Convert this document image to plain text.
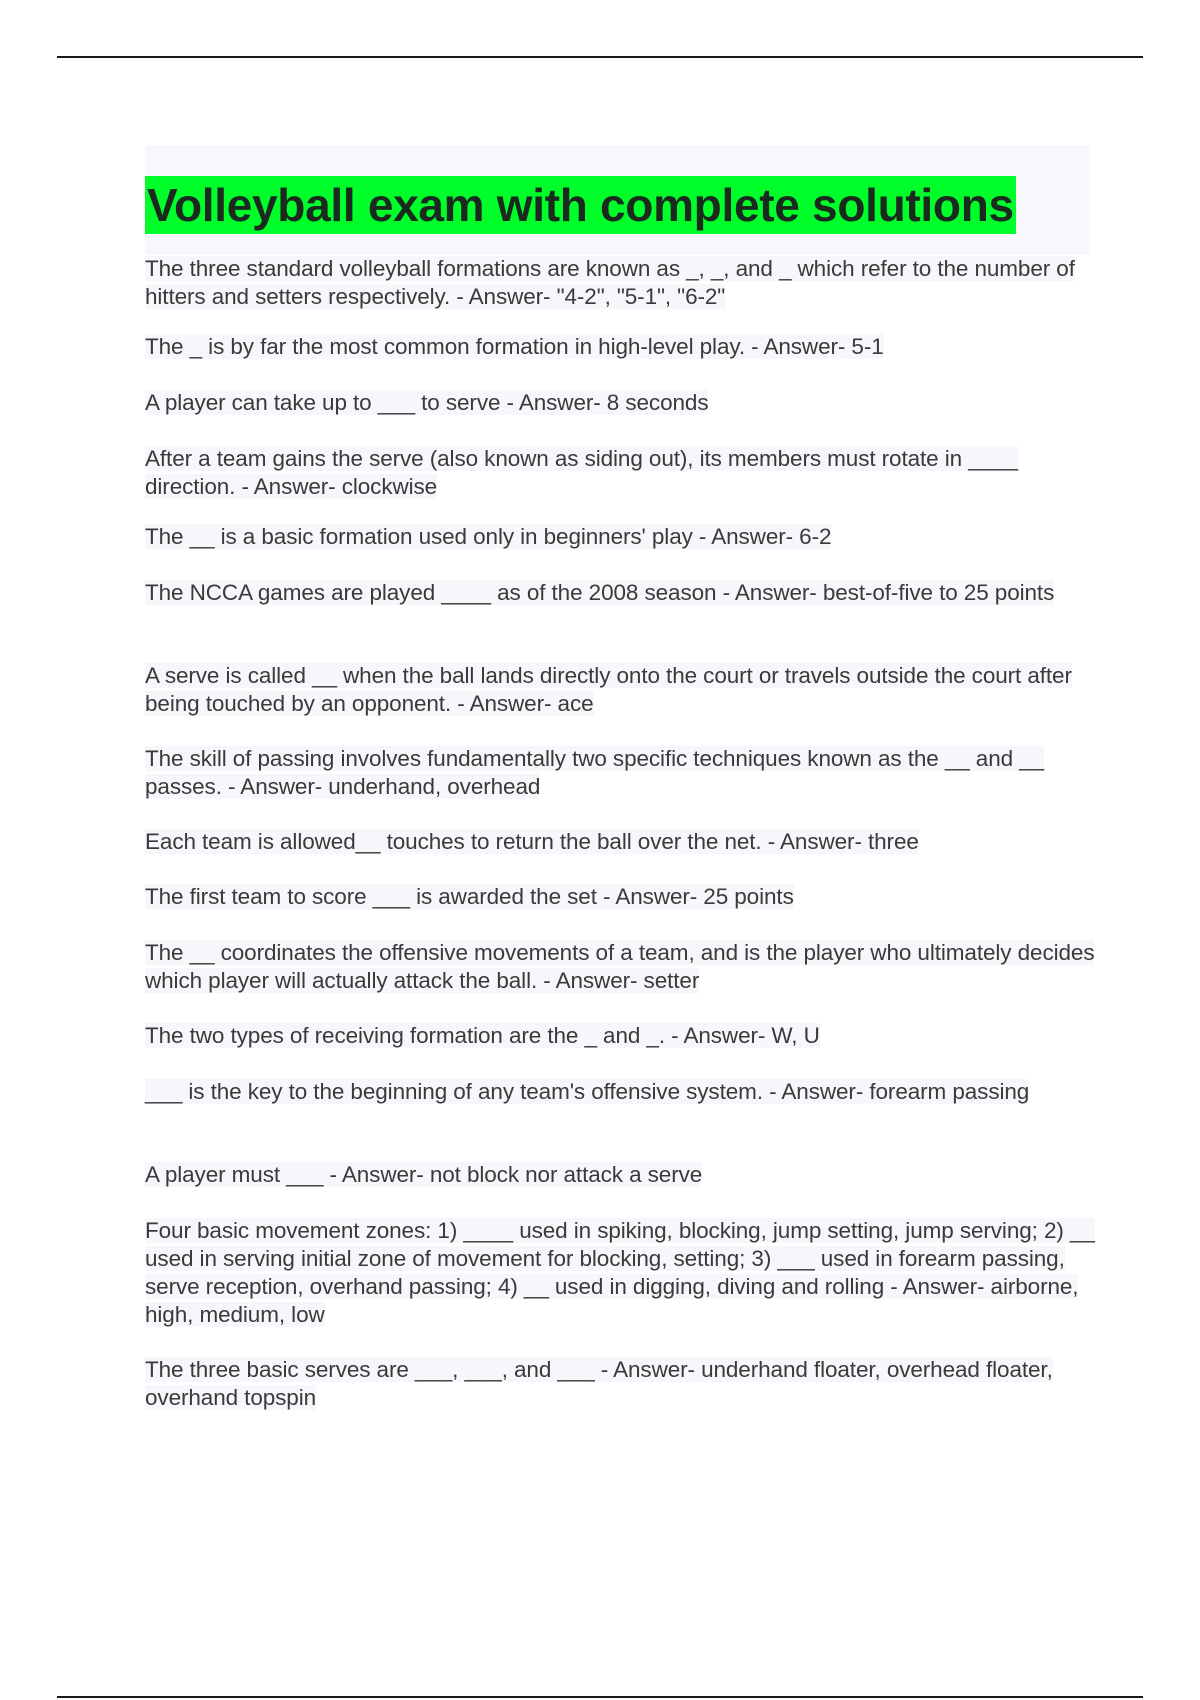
Volleyball exam with complete solutions
The three standard volleyball formations are known as _, _, and _ which refer to the number of hitters and setters respectively. - Answer- "4-2", "5-1", "6-2"
The _ is by far the most common formation in high-level play. - Answer- 5-1
A player can take up to ___ to serve - Answer- 8 seconds
After a team gains the serve (also known as siding out), its members must rotate in ____ direction. - Answer- clockwise
The __ is a basic formation used only in beginners' play - Answer- 6-2
The NCCA games are played ____ as of the 2008 season - Answer- best-of-five to 25 points
A serve is called __ when the ball lands directly onto the court or travels outside the court after being touched by an opponent. - Answer- ace
The skill of passing involves fundamentally two specific techniques known as the __ and __ passes. - Answer- underhand, overhead
Each team is allowed__ touches to return the ball over the net. - Answer- three
The first team to score ___ is awarded the set - Answer- 25 points
The __ coordinates the offensive movements of a team, and is the player who ultimately decides which player will actually attack the ball. - Answer- setter
The two types of receiving formation are the _ and _. - Answer- W, U
___ is the key to the beginning of any team's offensive system. - Answer- forearm passing
A player must ___ - Answer- not block nor attack a serve
Four basic movement zones: 1) ____ used in spiking, blocking, jump setting, jump serving; 2) __ used in serving initial zone of movement for blocking, setting; 3) ___ used in forearm passing, serve reception, overhand passing; 4) __ used in digging, diving and rolling - Answer- airborne, high, medium, low
The three basic serves are ___, ___, and ___ - Answer- underhand floater, overhead floater, overhand topspin
